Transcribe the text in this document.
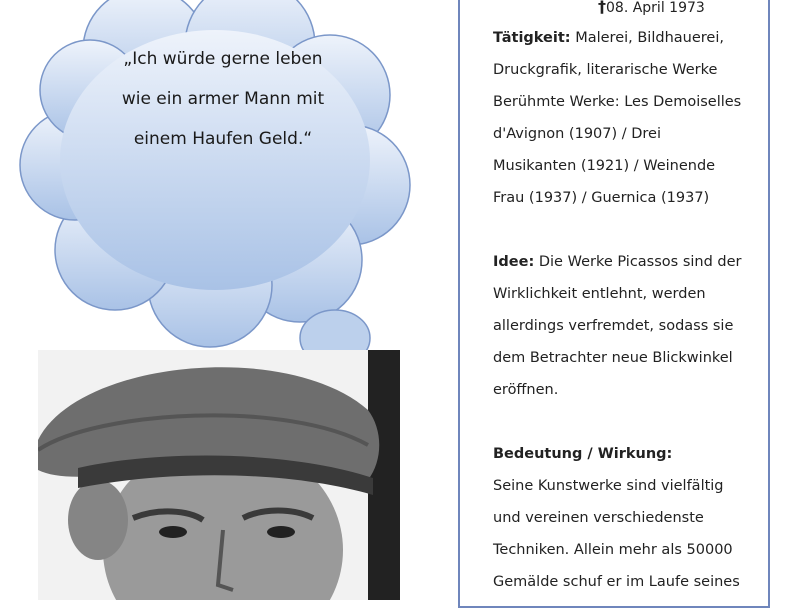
„Ich würde gerne leben
wie ein armer Mann mit
einem Haufen Geld.“
†08. April 1973
Tätigkeit: Malerei, Bildhauerei,
Druckgrafik, literarische Werke
Berühmte Werke: Les Demoiselles
d'Avignon (1907) / Drei
Musikanten (1921) / Weinende
Frau (1937) / Guernica (1937)
Idee: Die Werke Picassos sind der
Wirklichkeit entlehnt, werden
allerdings verfremdet, sodass sie
dem Betrachter neue Blickwinkel
eröffnen.
Bedeutung / Wirkung:
Seine Kunstwerke sind vielfältig
und vereinen verschiedenste
Techniken. Allein mehr als 50000
Gemälde schuf er im Laufe seines
